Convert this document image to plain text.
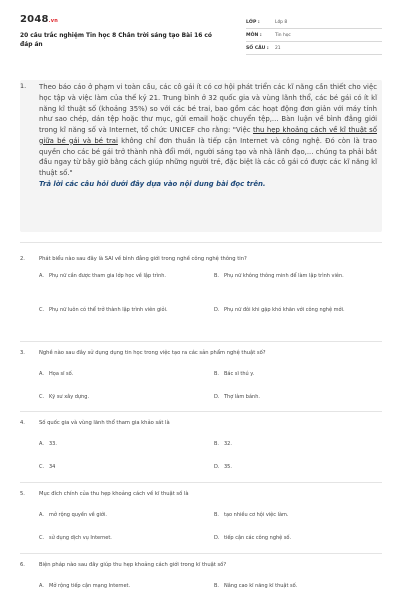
2048.vn
20 câu trắc nghiệm Tin học 8 Chân trời sáng tạo Bài 16 có đáp án
LỚP :	Lớp 8
MÔN :	Tin học
SỐ CÂU :	21
1. Theo báo cáo ở phạm vi toàn cầu, các cô gái ít có cơ hội phát triển các kĩ năng cần thiết cho việc học tập và việc làm của thế kỷ 21. Trung bình ở 32 quốc gia và vùng lãnh thổ, các bé gái có ít kĩ năng kĩ thuật số (khoảng 35%) so với các bé trai, bao gồm các hoạt động đơn giản với máy tính như sao chép, dán tệp hoặc thư mục, gửi email hoặc chuyển tệp,... Bàn luận về bình đẳng giới trong kĩ năng số và Internet, tổ chức UNICEF cho rằng: "Việc thu hẹp khoảng cách về kĩ thuật số giữa bé gái và bé trai không chỉ đơn thuần là tiếp cận Internet và công nghệ. Đó còn là trao quyền cho các bé gái trở thành nhà đổi mới, người sáng tạo và nhà lãnh đạo,... chúng ta phải bắt đầu ngay từ bây giờ bằng cách giúp những người trẻ, đặc biệt là các cô gái có được các kĩ năng kĩ thuật số."
Trả lời các câu hỏi dưới đây dựa vào nội dung bài đọc trên.
2.	Phát biểu nào sau đây là SAI về bình đẳng giới trong nghề công nghệ thông tin?
A.	Phụ nữ cần được tham gia lớp học về lập trình.	B. Phụ nữ không thông minh để làm lập trình viên.
C. Phụ nữ luôn có thể trở thành lập trình viên giỏi.	D. Phụ nữ đôi khi gặp khó khăn với công nghệ mới.
3.	Nghề nào sau đây sử dụng dụng tin học trong việc tạo ra các sản phẩm nghệ thuật số?
A.	Họa sĩ số.	B. Bác sĩ thú y.
C. Kỹ sư xây dựng.	D. Thợ làm bánh.
4.	Số quốc gia và vùng lãnh thổ tham gia khảo sát là
A.	33.	B. 32.
C. 34	D. 35.
5.	Mục đích chính của thu hẹp khoảng cách về kĩ thuật số là
A.	mở rộng quyền về giới.	B. tạo nhiều cơ hội việc làm.
C. sử dụng dịch vụ Internet.	D. tiếp cận các công nghệ số.
6.	Biện pháp nào sau đây giúp thu hẹp khoảng cách giới trong kĩ thuật số?
A.	Mở rộng tiếp cận mạng Internet.	B. Nâng cao kĩ năng kĩ thuật số.
